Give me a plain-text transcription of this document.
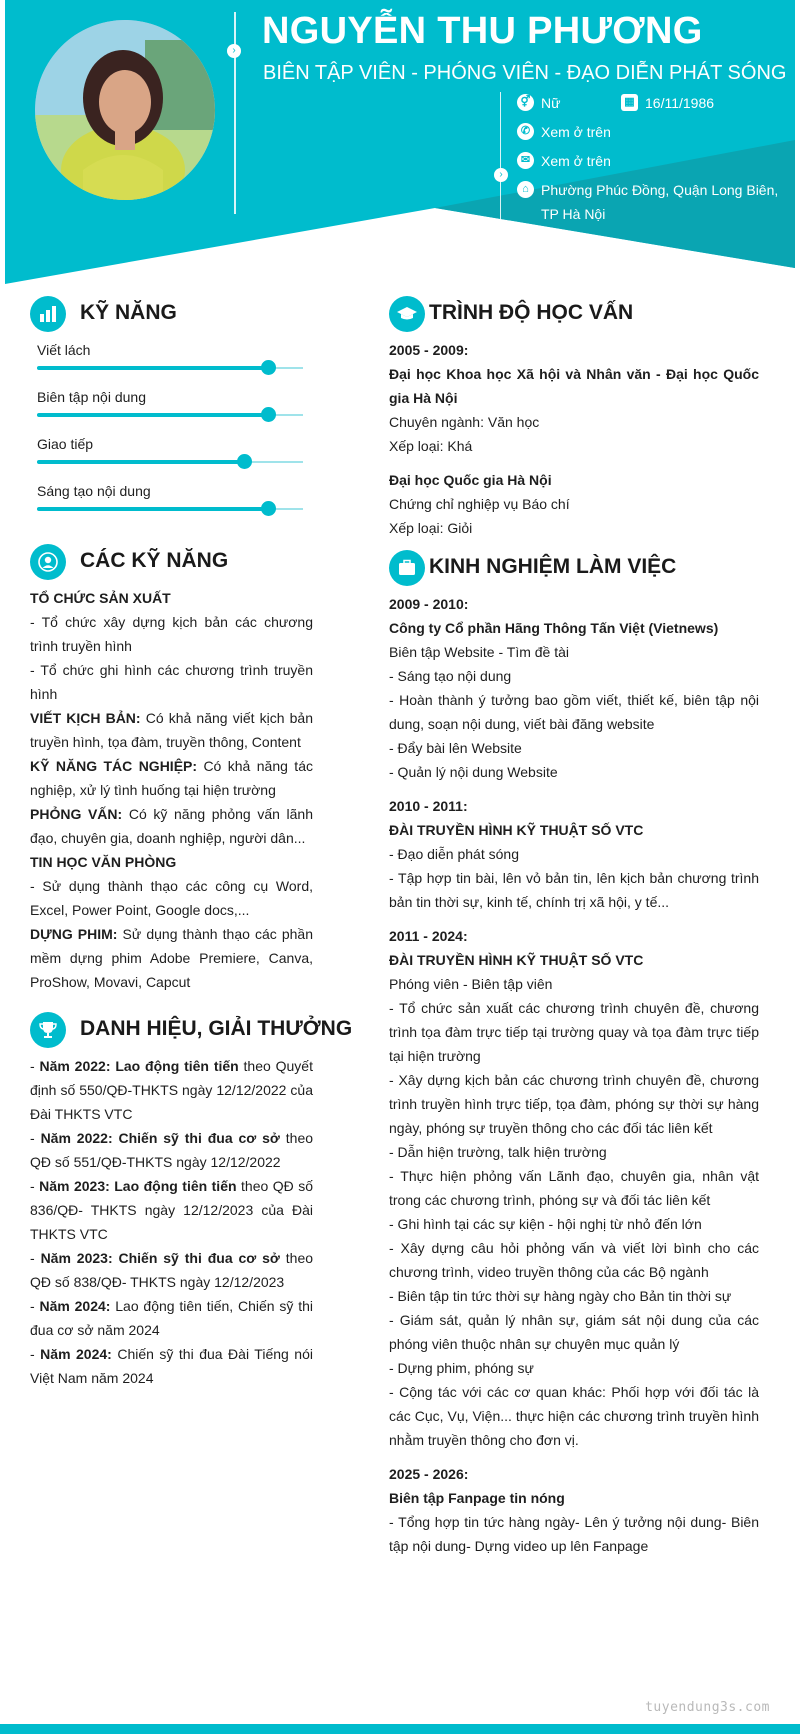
›
›
NGUYỄN THU PHƯƠNG
BIÊN TẬP VIÊN - PHÓNG VIÊN - ĐẠO DIỄN PHÁT SÓNG
⚥ Nữ	▦ 16/11/1986
✆ Xem ở trên
✉ Xem ở trên
⌂ Phường Phúc Đồng, Quận Long Biên, TP Hà Nội
KỸ NĂNG
Viết lách
Biên tập nội dung
Giao tiếp
Sáng tạo nội dung
CÁC KỸ NĂNG

TỔ CHỨC SẢN XUẤT

- Tổ chức xây dựng kịch bản các chương trình truyền hình

- Tổ chức ghi hình các chương trình truyền hình

VIẾT KỊCH BẢN: Có khả năng viết kịch bản truyền hình, tọa đàm, truyền thông, Content

KỸ NĂNG TÁC NGHIỆP: Có khả năng tác nghiệp, xử lý tình huống tại hiện trường

PHỎNG VẤN: Có kỹ năng phỏng vấn lãnh đạo, chuyên gia, doanh nghiệp, người dân...

TIN HỌC VĂN PHÒNG

- Sử dụng thành thạo các công cụ Word, Excel, Power Point, Google docs,...

DỰNG PHIM: Sử dụng thành thạo các phần mềm dựng phim Adobe Premiere, Canva, ProShow, Movavi, Capcut

DANH HIỆU, GIẢI THƯỞNG

- Năm 2022: Lao động tiên tiến theo Quyết định số 550/QĐ-THKTS ngày 12/12/2022 của Đài THKTS VTC

- Năm 2022: Chiến sỹ thi đua cơ sở theo QĐ số 551/QĐ-THKTS ngày 12/12/2022

- Năm 2023: Lao động tiên tiến theo QĐ số 836/QĐ- THKTS ngày 12/12/2023 của Đài THKTS VTC

- Năm 2023: Chiến sỹ thi đua cơ sở theo QĐ số 838/QĐ- THKTS ngày 12/12/2023

- Năm 2024: Lao động tiên tiến, Chiến sỹ thi đua cơ sở năm 2024

- Năm 2024: Chiến sỹ thi đua Đài Tiếng nói Việt Nam năm 2024

TRÌNH ĐỘ HỌC VẤN

2005 - 2009:

Đại học Khoa học Xã hội và Nhân văn - Đại học Quốc gia Hà Nội

Chuyên ngành: Văn học

Xếp loại: Khá

Đại học Quốc gia Hà Nội

Chứng chỉ nghiệp vụ Báo chí

Xếp loại: Giỏi

KINH NGHIỆM LÀM VIỆC

2009 - 2010:

Công ty Cổ phần Hãng Thông Tấn Việt (Vietnews)

Biên tập Website - Tìm đề tài

- Sáng tạo nội dung

- Hoàn thành ý tưởng bao gồm viết, thiết kế, biên tập nội dung, soạn nội dung, viết bài đăng website

- Đẩy bài lên Website

- Quản lý nội dung Website

2010 - 2011:

ĐÀI TRUYỀN HÌNH KỸ THUẬT SỐ VTC

- Đạo diễn phát sóng

- Tập hợp tin bài, lên vỏ bản tin, lên kịch bản chương trình bản tin thời sự, kinh tế, chính trị xã hội, y tế...

2011 - 2024:

ĐÀI TRUYỀN HÌNH KỸ THUẬT SỐ VTC

Phóng viên - Biên tập viên

- Tổ chức sản xuất các chương trình chuyên đề, chương trình tọa đàm trực tiếp tại trường quay và tọa đàm trực tiếp tại hiện trường

- Xây dựng kịch bản các chương trình chuyên đề, chương trình truyền hình trực tiếp, tọa đàm, phóng sự thời sự hàng ngày, phóng sự truyền thông cho các đối tác liên kết

- Dẫn hiện trường, talk hiện trường

- Thực hiện phỏng vấn Lãnh đạo, chuyên gia, nhân vật trong các chương trình, phóng sự và đối tác liên kết

- Ghi hình tại các sự kiện - hội nghị từ nhỏ đến lớn

- Xây dựng câu hỏi phỏng vấn và viết lời bình cho các chương trình, video truyền thông của các Bộ ngành

- Biên tập tin tức thời sự hàng ngày cho Bản tin thời sự

- Giám sát, quản lý nhân sự, giám sát nội dung của các phóng viên thuộc nhân sự chuyên mục quản lý

- Dựng phim, phóng sự

- Cộng tác với các cơ quan khác: Phối hợp với đối tác là các Cục, Vụ, Viện... thực hiện các chương trình truyền hình nhằm truyền thông cho đơn vị.

2025 - 2026:

Biên tập Fanpage tin nóng

- Tổng hợp tin tức hàng ngày- Lên ý tưởng nội dung- Biên tập nội dung- Dựng video up lên Fanpage

tuyendung3s.com
